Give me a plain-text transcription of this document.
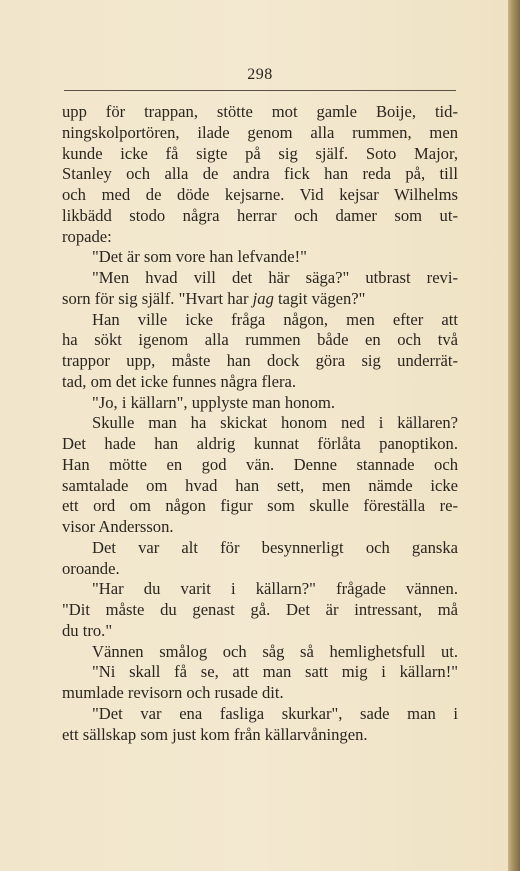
298
upp för trappan, stötte mot gamle Boije, tid-
ningskolportören, ilade genom alla rummen, men
kunde icke få sigte på sig själf. Soto Major,
Stanley och alla de andra fick han reda på, till
och med de döde kejsarne. Vid kejsar Wilhelms
likbädd stodo några herrar och damer som ut-
ropade:
"Det är som vore han lefvande!"
"Men hvad vill det här säga?" utbrast revi-
sorn för sig själf. "Hvart har jag tagit vägen?"
Han ville icke fråga någon, men efter att
ha sökt igenom alla rummen både en och två
trappor upp, måste han dock göra sig underrät-
tad, om det icke funnes några flera.
"Jo, i källarn", upplyste man honom.
Skulle man ha skickat honom ned i källaren?
Det hade han aldrig kunnat förlåta panoptikon.
Han mötte en god vän. Denne stannade och
samtalade om hvad han sett, men nämde icke
ett ord om någon figur som skulle föreställa re-
visor Andersson.
Det var alt för besynnerligt och ganska
oroande.
"Har du varit i källarn?" frågade vännen.
"Dit måste du genast gå. Det är intressant, må
du tro."
Vännen smålog och såg så hemlighetsfull ut.
"Ni skall få se, att man satt mig i källarn!"
mumlade revisorn och rusade dit.
"Det var ena fasliga skurkar", sade man i
ett sällskap som just kom från källarvåningen.
